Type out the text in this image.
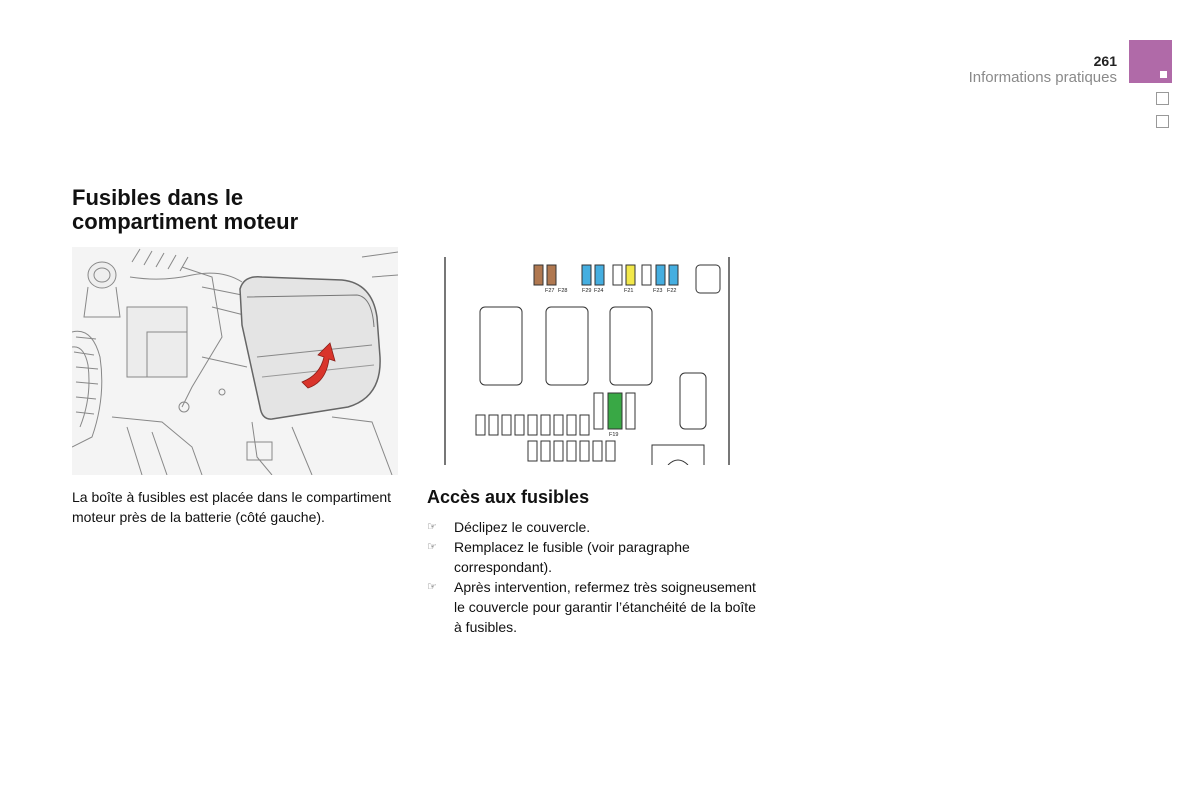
261
Informations pratiques
Fusibles dans le compartiment moteur
F27 F28	F29 F24	F21	F23 F22
F19

La boîte à fusibles est placée dans le compartiment moteur près de la batterie (côté gauche).

Accès aux fusibles
☞ Déclipez le couvercle.
☞ Remplacez le fusible (voir paragraphe correspondant).
☞ Après intervention, refermez très soigneusement le couvercle pour garantir l’étanchéité de la boîte à fusibles.
